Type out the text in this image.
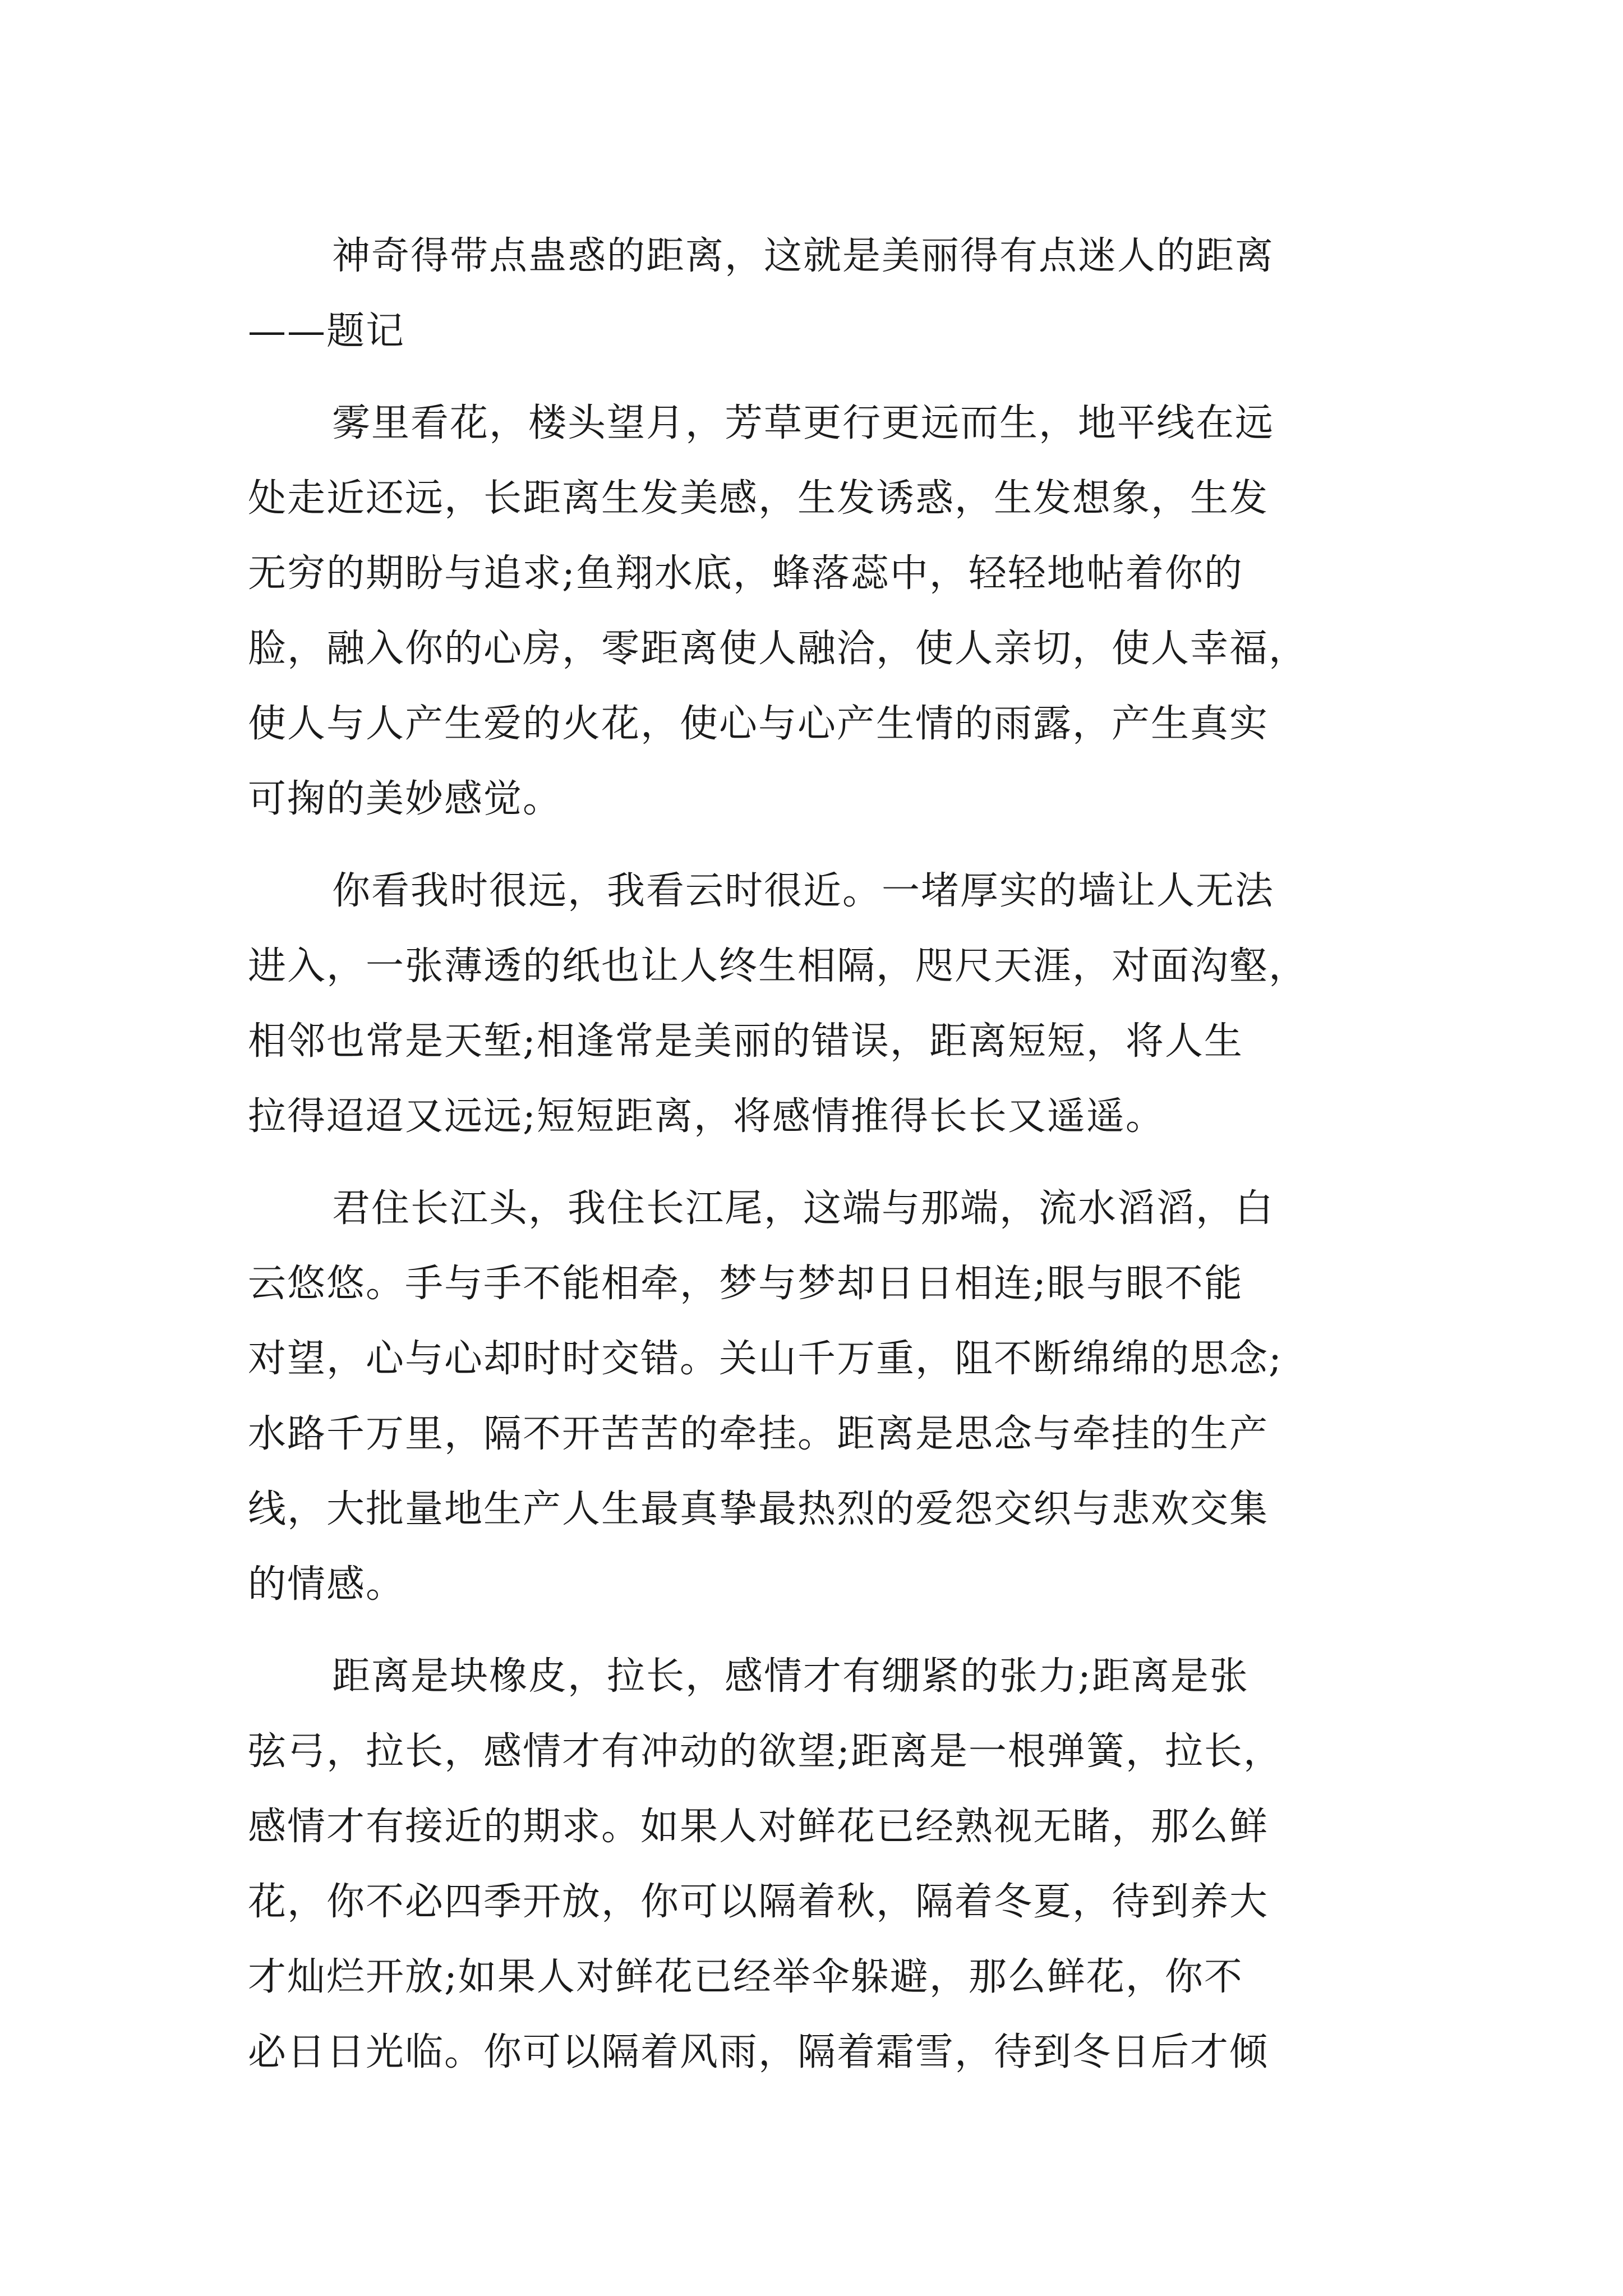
神奇得带点蛊惑的距离，这就是美丽得有点迷人的距离
——题记
雾里看花，楼头望月，芳草更行更远而生，地平线在远
处走近还远，长距离生发美感，生发诱惑，生发想象，生发
无穷的期盼与追求;鱼翔水底，蜂落蕊中，轻轻地帖着你的
脸，融入你的心房，零距离使人融洽，使人亲切，使人幸福，
使人与人产生爱的火花，使心与心产生情的雨露，产生真实
可掬的美妙感觉。
你看我时很远，我看云时很近。一堵厚实的墙让人无法
进入，一张薄透的纸也让人终生相隔，咫尺天涯，对面沟壑，
相邻也常是天堑;相逢常是美丽的错误，距离短短，将人生
拉得迢迢又远远;短短距离，将感情推得长长又遥遥。
君住长江头，我住长江尾，这端与那端，流水滔滔，白
云悠悠。手与手不能相牵，梦与梦却日日相连;眼与眼不能
对望，心与心却时时交错。关山千万重，阻不断绵绵的思念;
水路千万里，隔不开苦苦的牵挂。距离是思念与牵挂的生产
线，大批量地生产人生最真挚最热烈的爱怨交织与悲欢交集
的情感。
距离是块橡皮，拉长，感情才有绷紧的张力;距离是张
弦弓，拉长，感情才有冲动的欲望;距离是一根弹簧，拉长，
感情才有接近的期求。如果人对鲜花已经熟视无睹，那么鲜
花，你不必四季开放，你可以隔着秋，隔着冬夏，待到养大
才灿烂开放;如果人对鲜花已经举伞躲避，那么鲜花，你不
必日日光临。你可以隔着风雨，隔着霜雪，待到冬日后才倾
